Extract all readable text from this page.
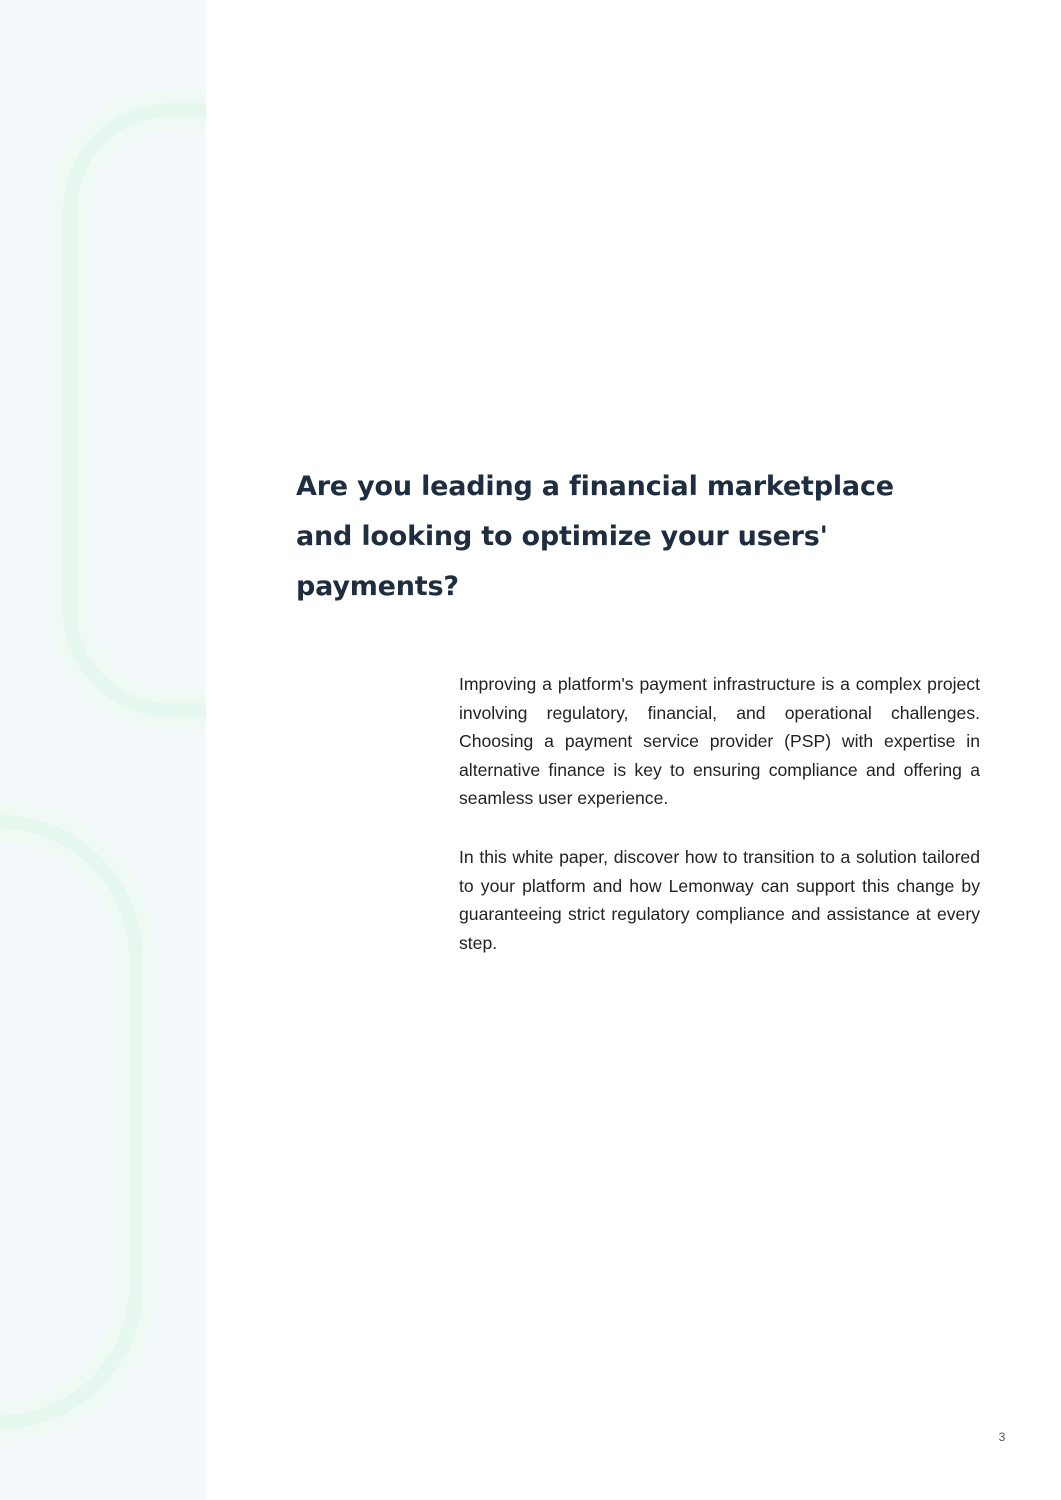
Are you leading a financial marketplace and looking to optimize your users' payments?

Improving a platform's payment infrastructure is a complex project involving regulatory, financial, and operational challenges. Choosing a payment service provider (PSP) with expertise in alternative finance is key to ensuring compliance and offering a seamless user experience.

In this white paper, discover how to transition to a solution tailored to your platform and how Lemonway can support this change by guaranteeing strict regulatory compliance and assistance at every step.

3
